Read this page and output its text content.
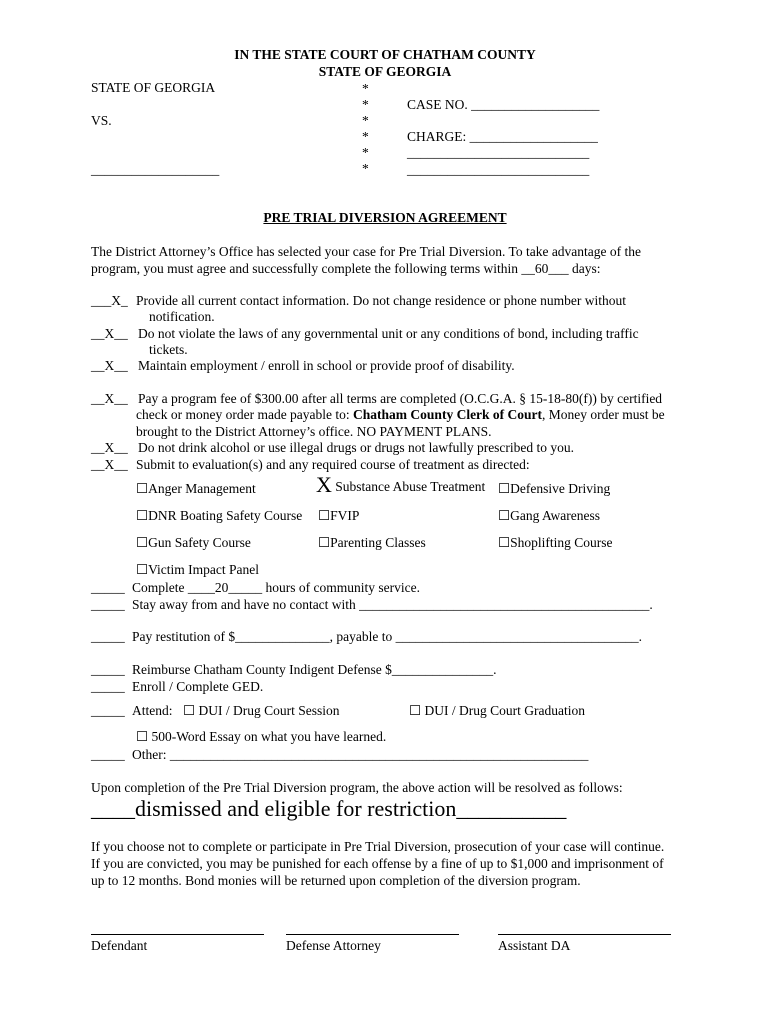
IN THE STATE COURT OF CHATHAM COUNTY
STATE OF GEORGIA
STATE OF GEORGIA
VS.
___________________
*
*
*
*
*
*
CASE NO. ___________________
CHARGE: ___________________
___________________________
___________________________
PRE TRIAL DIVERSION AGREEMENT
The District Attorney’s Office has selected your case for Pre Trial Diversion. To take advantage of the
program, you must agree and successfully complete the following terms within __60___ days:
___X_ Provide all current contact information. Do not change residence or phone number without
notification.
__X__ Do not violate the laws of any governmental unit or any conditions of bond, including traffic
tickets.
__X__ Maintain employment / enroll in school or provide proof of disability.
__X__ Pay a program fee of $300.00 after all terms are completed (O.C.G.A. § 15-18-80(f)) by certified
check or money order made payable to: Chatham County Clerk of Court, Money order must be
brought to the District Attorney’s office. NO PAYMENT PLANS.
__X__ Do not drink alcohol or use illegal drugs or drugs not lawfully prescribed to you.
__X__ Submit to evaluation(s) and any required course of treatment as directed:
☐Anger Management	X Substance Abuse Treatment ☐Defensive Driving
☐DNR Boating Safety Course ☐FVIP	☐Gang Awareness
☐Gun Safety Course	☐Parenting Classes	☐Shoplifting Course
☐Victim Impact Panel
_____ Complete ____20_____ hours of community service.
_____ Stay away from and have no contact with ___________________________________________.
_____ Pay restitution of $______________, payable to ____________________________________.
_____ Reimburse Chatham County Indigent Defense $_______________.
_____ Enroll / Complete GED.
_____ Attend: ☐ DUI / Drug Court Session	☐ DUI / Drug Court Graduation
☐ 500-Word Essay on what you have learned.
_____ Other: ______________________________________________________________
Upon completion of the Pre Trial Diversion program, the above action will be resolved as follows:
____dismissed and eligible for restriction__________
If you choose not to complete or participate in Pre Trial Diversion, prosecution of your case will continue.
If you are convicted, you may be punished for each offense by a fine of up to $1,000 and imprisonment of
up to 12 months. Bond monies will be returned upon completion of the diversion program.
Defendant	Defense Attorney	Assistant DA
